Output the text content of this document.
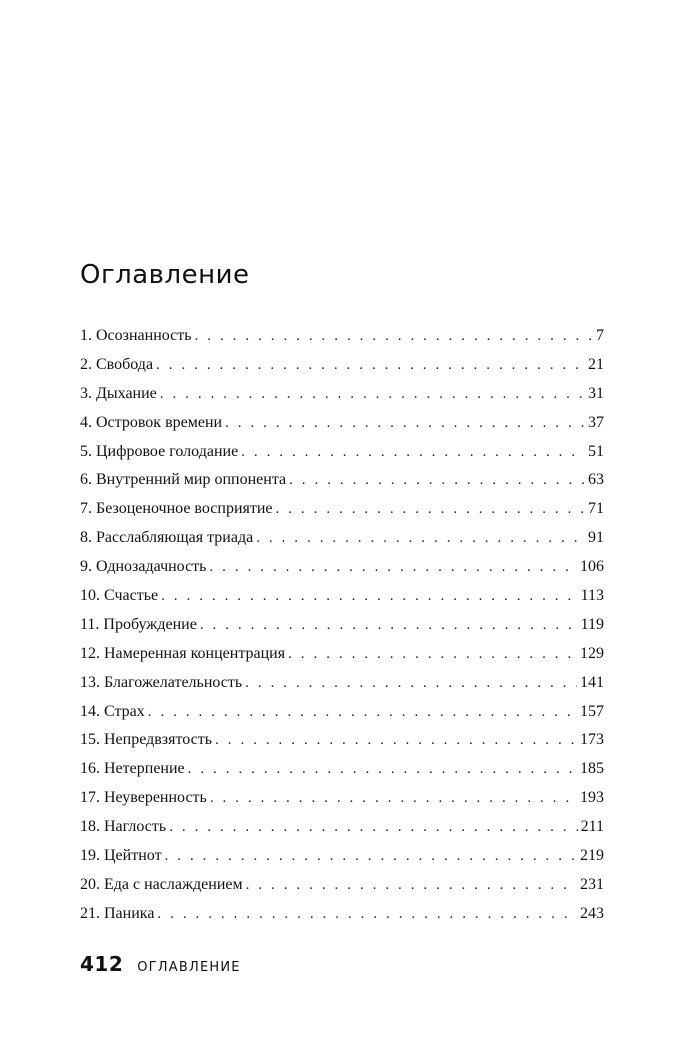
Оглавление
1. Осознанность . . .	7
2. Свобода . . .	21
3. Дыхание . . .	31
4. Островок времени . . .	37
5. Цифровое голодание . . .	51
6. Внутренний мир оппонента . . .	63
7. Безоценочное восприятие . . .	71
8. Расслабляющая триада . . .	91
9. Однозадачность . . .	106
10. Счастье . . .	113
11. Пробуждение . . .	119
12. Намеренная концентрация . . .	129
13. Благожелательность . . .	141
14. Страх . . .	157
15. Непредвзятость . . .	173
16. Нетерпение . . .	185
17. Неуверенность . . .	193
18. Наглость . . .	211
19. Цейтнот . . .	219
20. Еда с наслаждением . . .	231
21. Паника . . .	243
412 ОГЛАВЛЕНИЕ
